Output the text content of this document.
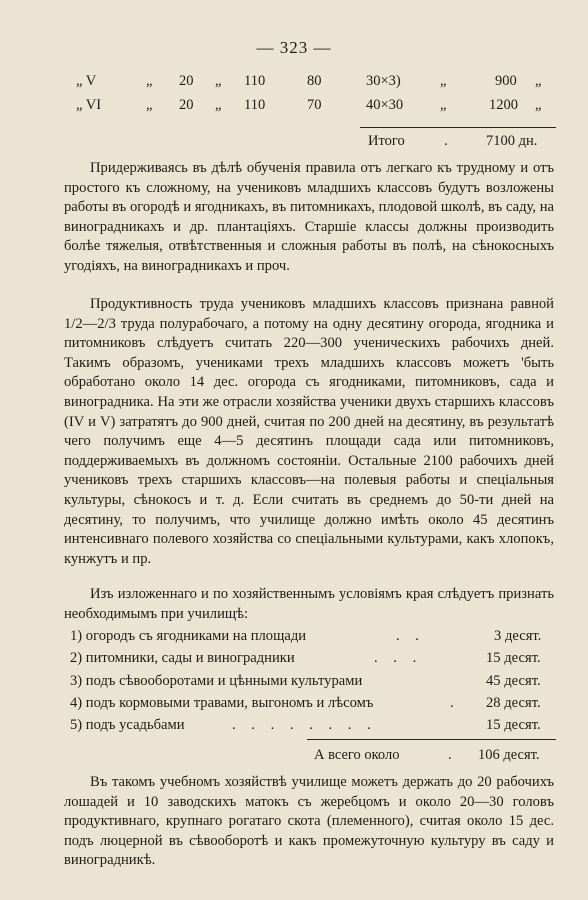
— 323 —
„ V	„ 20 „ 110	80	30×3)	„	900 „
„ VI	„ 20 „ 110	70	40×30	„	1200 „
Итого	.	7100 дн.

Придерживаясь въ дѣлѣ обученія правила отъ легкаго къ трудному и отъ простого къ сложному, на учениковъ младшихъ классовъ будутъ возложены работы въ огородѣ и ягодникахъ, въ питомникахъ, плодовой школѣ, въ саду, на виноградникахъ и др. плантаціяхъ. Старшіе классы должны производить болѣе тяжелыя, отвѣтственныя и сложныя работы въ полѣ, на сѣнокосныхъ угодіяхъ, на виноградникахъ и проч.

Продуктивность труда учениковъ младшихъ классовъ признана равной 1/2—2/3 труда полурабочаго, а потому на одну десятину огорода, ягодника и питомниковъ слѣдуетъ считать 220—300 ученическихъ рабочихъ дней. Такимъ образомъ, учениками трехъ младшихъ классовъ можетъ 'быть обработано около 14 дес. огорода съ ягодниками, питомниковъ, сада и виноградника. На эти же отрасли хозяйства ученики двухъ старшихъ классовъ (IV и V) затратятъ до 900 дней, считая по 200 дней на десятину, въ результатѣ чего получимъ еще 4—5 десятинъ площади сада или питомниковъ, поддерживаемыхъ въ должномъ состояніи. Остальные 2100 рабочихъ дней учениковъ трехъ старшихъ классовъ—на полевыя работы и спеціальныя культуры, сѣнокосъ и т. д. Если считать въ среднемъ до 50-ти дней на десятину, то получимъ, что училище должно имѣть около 45 десятинъ интенсивнаго полевого хозяйства со спеціальными культурами, какъ хлопокъ, кунжутъ и пр.

Изъ изложеннаго и по хозяйственнымъ условіямъ края слѣдуетъ признать необходимымъ при училищѣ:

1) огородъ съ ягодниками на площади	. .	3 десят.
2) питомники, сады и виноградники	. . .	15 десят.
3) подъ сѣвооборотами и цѣнными культурами	45 десят.
4) подъ кормовыми травами, выгономъ и лѣсомъ	. 28 десят.
5) подъ усадьбами	. . . . . . . .	15 десят.
А всего около	. 106 десят.

Въ такомъ учебномъ хозяйствѣ училище можетъ держать до 20 рабочихъ лошадей и 10 заводскихъ матокъ съ жеребцомъ и около 20—30 головъ продуктивнаго, крупнаго рогатаго скота (племенного), считая около 15 дес. подъ люцерной въ сѣвооборотѣ и какъ промежуточную культуру въ саду и виноградникѣ.
